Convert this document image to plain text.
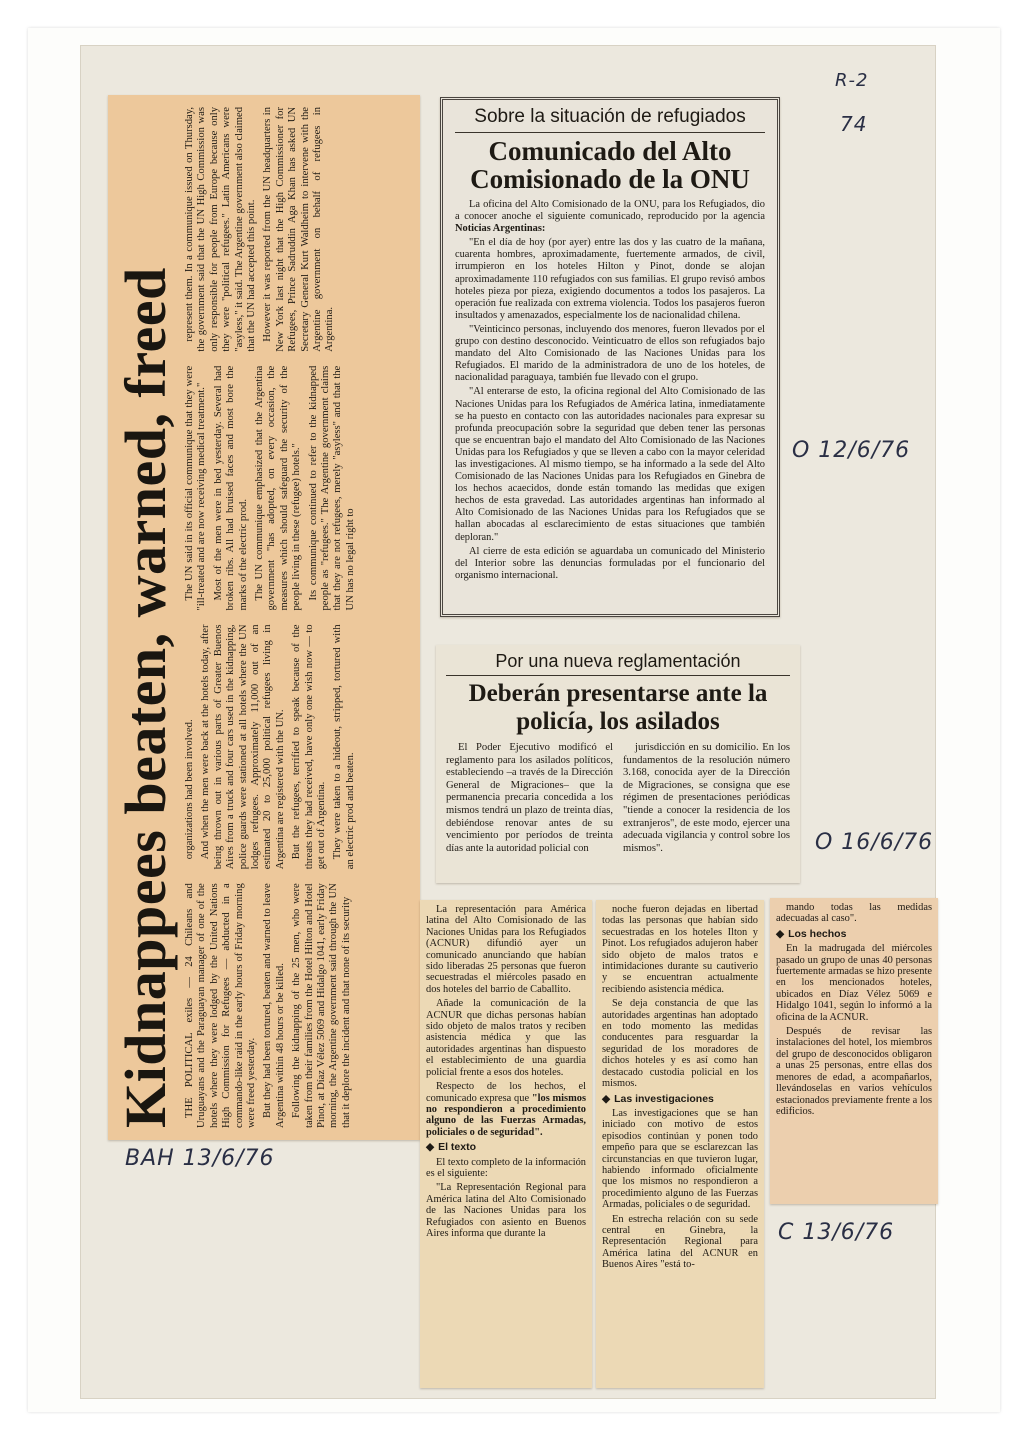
R-2
74
O 12/6/76
O 16/6/76
C 13/6/76
BAH 13/6/76
Kidnappees beaten, warned, freed THE POLITICAL exiles — 24 Chileans and Uruguayans and the Paraguayan manager of one of the hotels where they were lodged by the United Nations High Commission for Refugees — abducted in a commando-like raid in the early hours of Friday morning were freed yesterday. But they had been tortured, beaten and warned to leave Argentina within 48 hours or be killed. Following the kidnapping of the 25 men, who were taken from their families from the Hotel Hilton and Hotel Pinot, at Díaz Vélez 5069 and Hidalgo 1041, early Friday morning, the Argentine government said through the UN that it deplore the incident and that none of its security

organizations had been involved. And when the men were back at the hotels today, after being thrown out in various parts of Greater Buenos Aires from a truck and four cars used in the kidnapping, police guards were stationed at all hotels where the UN lodges refugees. Approximately 11,000 out of an estimated 20 to 25,000 political refugees living in Argentina are registered with the UN. But the refugees, terrified to speak because of the threats they had received, have only one wish now — to get out of Argentina. They were taken to a hideout, stripped, tortured with an electric prod and beaten.

The UN said in its official communique that they were "ill-treated and are now receiving medical treatment." Most of the men were in bed yesterday. Several had broken ribs. All had bruised faces and most bore the marks of the electric prod. The UN communique emphasized that the Argentina government "has adopted, on every occasion, the measures which should safeguard the security of the people living in these (refugee) hotels." Its communique continued to refer to the kidnapped people as "refugees." The Argentine government claims that they are not refugees, merely "asyless" and that the UN has no legal right to

represent them. In a communique issued on Thursday, the government said that the UN High Commission was only responsible for people from Europe because only they were "political refugees." Latin Americans were "asyless," it said. The Argentine government also claimed that the UN had accepted this point. However it was reported from the UN headquarters in New York last night that the High Commissioner for Refugees, Prince Sadruddin Aga Khan has asked UN Secretary General Kurt Waldheim to intervene with the Argentine government on behalf of refugees in Argentina.

Sobre la situación de refugiados
Comunicado del Alto Comisionado de la ONU

La oficina del Alto Comisionado de la ONU, para los Refugiados, dio a conocer anoche el siguiente comunicado, reproducido por la agencia Noticias Argentinas:

"En el día de hoy (por ayer) entre las dos y las cuatro de la mañana, cuarenta hombres, aproximadamente, fuertemente armados, de civil, irrumpieron en los hoteles Hilton y Pinot, donde se alojan aproximadamente 110 refugiados con sus familias. El grupo revisó ambos hoteles pieza por pieza, exigiendo documentos a todos los pasajeros. La operación fue realizada con extrema violencia. Todos los pasajeros fueron insultados y amenazados, especialmente los de nacionalidad chilena.

"Veinticinco personas, incluyendo dos menores, fueron llevados por el grupo con destino desconocido. Veinticuatro de ellos son refugiados bajo mandato del Alto Comisionado de las Naciones Unidas para los Refugiados. El marido de la administradora de uno de los hoteles, de nacionalidad paraguaya, también fue llevado con el grupo.

"Al enterarse de esto, la oficina regional del Alto Comisionado de las Naciones Unidas para los Refugiados de América latina, inmediatamente se ha puesto en contacto con las autoridades nacionales para expresar su profunda preocupación sobre la seguridad que deben tener las personas que se encuentran bajo el mandato del Alto Comisionado de las Naciones Unidas para los Refugiados y que se lleven a cabo con la mayor celeridad las investigaciones. Al mismo tiempo, se ha informado a la sede del Alto Comisionado de las Naciones Unidas para los Refugiados en Ginebra de los hechos acaecidos, donde están tomando las medidas que exigen hechos de esta gravedad. Las autoridades argentinas han informado al Alto Comisionado de las Naciones Unidas para los Refugiados que se hallan abocadas al esclarecimiento de estas situaciones que también deploran."

Al cierre de esta edición se aguardaba un comunicado del Ministerio del Interior sobre las denuncias formuladas por el funcionario del organismo internacional.

Por una nueva reglamentación
Deberán presentarse ante la policía, los asilados

El Poder Ejecutivo modificó el reglamento para los asilados políticos, estableciendo –a través de la Dirección General de Migraciones– que la permanencia precaria concedida a los mismos tendrá un plazo de treinta días, debiéndose renovar antes de su vencimiento por períodos de treinta días ante la autoridad policial con

jurisdicción en su domicilio. En los fundamentos de la resolución número 3.168, conocida ayer de la Dirección de Migraciones, se consigna que ese régimen de presentaciones periódicas "tiende a conocer la residencia de los extranjeros", de este modo, ejercer una adecuada vigilancia y control sobre los mismos".

La representación para América latina del Alto Comisionado de las Naciones Unidas para los Refugiados (ACNUR) difundió ayer un comunicado anunciando que habían sido liberadas 25 personas que fueron secuestradas el miércoles pasado en dos hoteles del barrio de Caballito.

Añade la comunicación de la ACNUR que dichas personas habían sido objeto de malos tratos y reciben asistencia médica y que las autoridades argentinas han dispuesto el establecimiento de una guardia policial frente a esos dos hoteles.

Respecto de los hechos, el comunicado expresa que "los mismos no respondieron a procedimiento alguno de las Fuerzas Armadas, policiales o de seguridad".

◆ El texto

El texto completo de la información es el siguiente:

"La Representación Regional para América latina del Alto Comisionado de las Naciones Unidas para los Refugiados con asiento en Buenos Aires informa que durante la

noche fueron dejadas en libertad todas las personas que habían sido secuestradas en los hoteles Ilton y Pinot. Los refugiados adujeron haber sido objeto de malos tratos e intimidaciones durante su cautiverio y se encuentran actualmente recibiendo asistencia médica.

Se deja constancia de que las autoridades argentinas han adoptado en todo momento las medidas conducentes para resguardar la seguridad de los moradores de dichos hoteles y es así como han destacado custodia policial en los mismos.

◆ Las investigaciones

Las investigaciones que se han iniciado con motivo de estos episodios continúan y ponen todo empeño para que se esclarezcan las circunstancias en que tuvieron lugar, habiendo informado oficialmente que los mismos no respondieron a procedimiento alguno de las Fuerzas Armadas, policiales o de seguridad.

En estrecha relación con su sede central en Ginebra, la Representación Regional para América latina del ACNUR en Buenos Aires "está to-

mando todas las medidas adecuadas al caso".

◆ Los hechos

En la madrugada del miércoles pasado un grupo de unas 40 personas fuertemente armadas se hizo presente en los mencionados hoteles, ubicados en Díaz Vélez 5069 e Hidalgo 1041, según lo informó a la oficina de la ACNUR.

Después de revisar las instalaciones del hotel, los miembros del grupo de desconocidos obligaron a unas 25 personas, entre ellas dos menores de edad, a acompañarlos, llevándoselas en varios vehículos estacionados previamente frente a los edificios.
